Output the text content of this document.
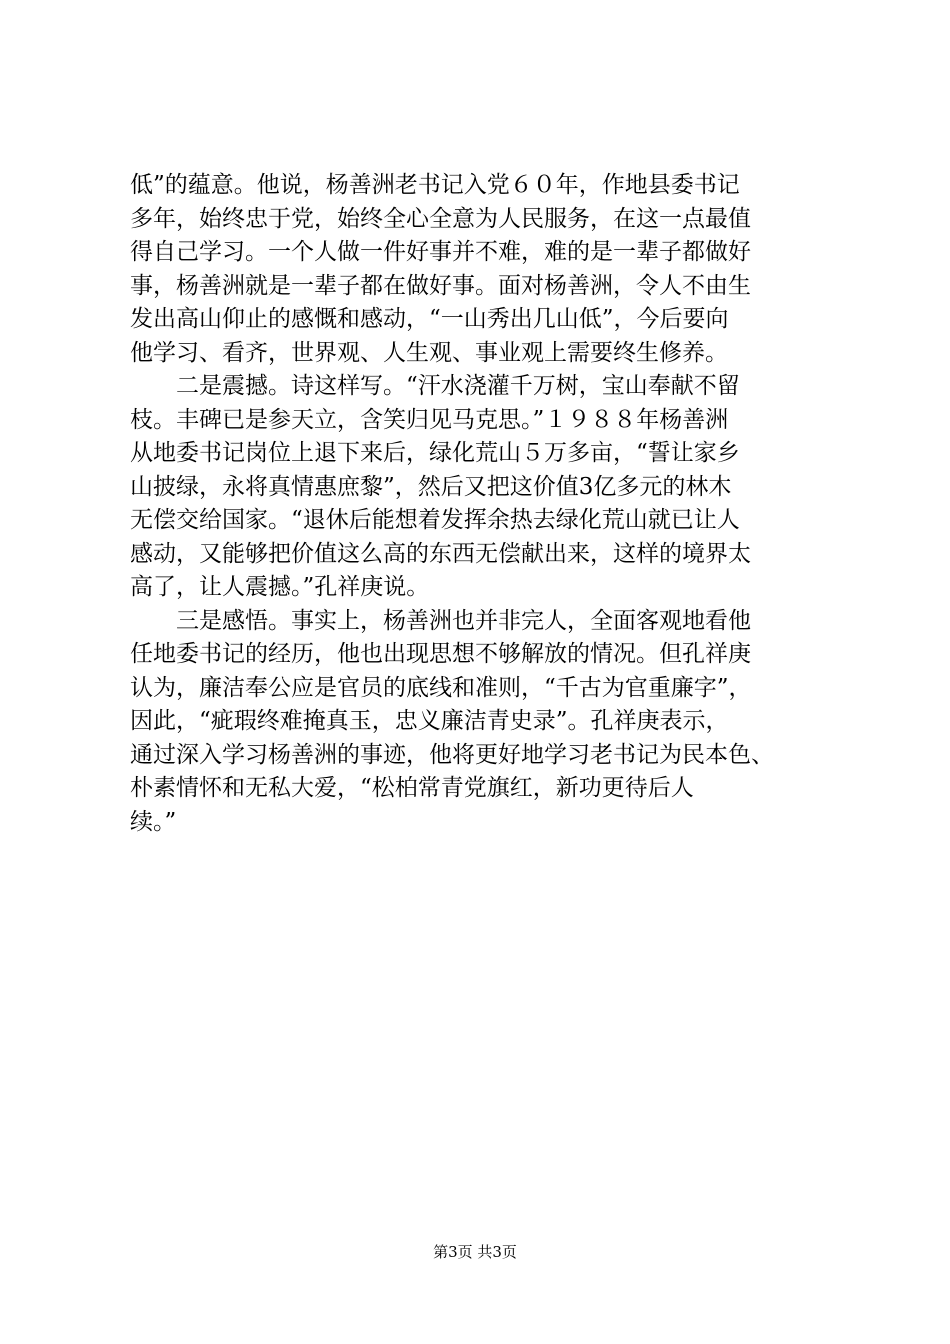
低”的蕴意。他说，杨善洲老书记入党６０年，作地县委书记

多年，始终忠于党，始终全心全意为人民服务，在这一点最值

得自己学习。一个人做一件好事并不难，难的是一辈子都做好

事，杨善洲就是一辈子都在做好事。面对杨善洲，令人不由生

发出高山仰止的感慨和感动，“一山秀出几山低”，今后要向

他学习、看齐，世界观、人生观、事业观上需要终生修养。

　　二是震撼。诗这样写。“汗水浇灌千万树，宝山奉献不留

枝。丰碑已是参天立，含笑归见马克思。”１９８８年杨善洲

从地委书记岗位上退下来后，绿化荒山５万多亩，“誓让家乡

山披绿，永将真情惠庶黎”，然后又把这价值3亿多元的林木

无偿交给国家。“退休后能想着发挥余热去绿化荒山就已让人

感动，又能够把价值这么高的东西无偿献出来，这样的境界太

高了，让人震撼。”孔祥庚说。

　　三是感悟。事实上，杨善洲也并非完人，全面客观地看他

任地委书记的经历，他也出现思想不够解放的情况。但孔祥庚

认为，廉洁奉公应是官员的底线和准则，“千古为官重廉字”，

因此，“疵瑕终难掩真玉，忠义廉洁青史录”。孔祥庚表示，

通过深入学习杨善洲的事迹，他将更好地学习老书记为民本色、

朴素情怀和无私大爱，“松柏常青党旗红，新功更待后人

续。”

第3页 共3页
